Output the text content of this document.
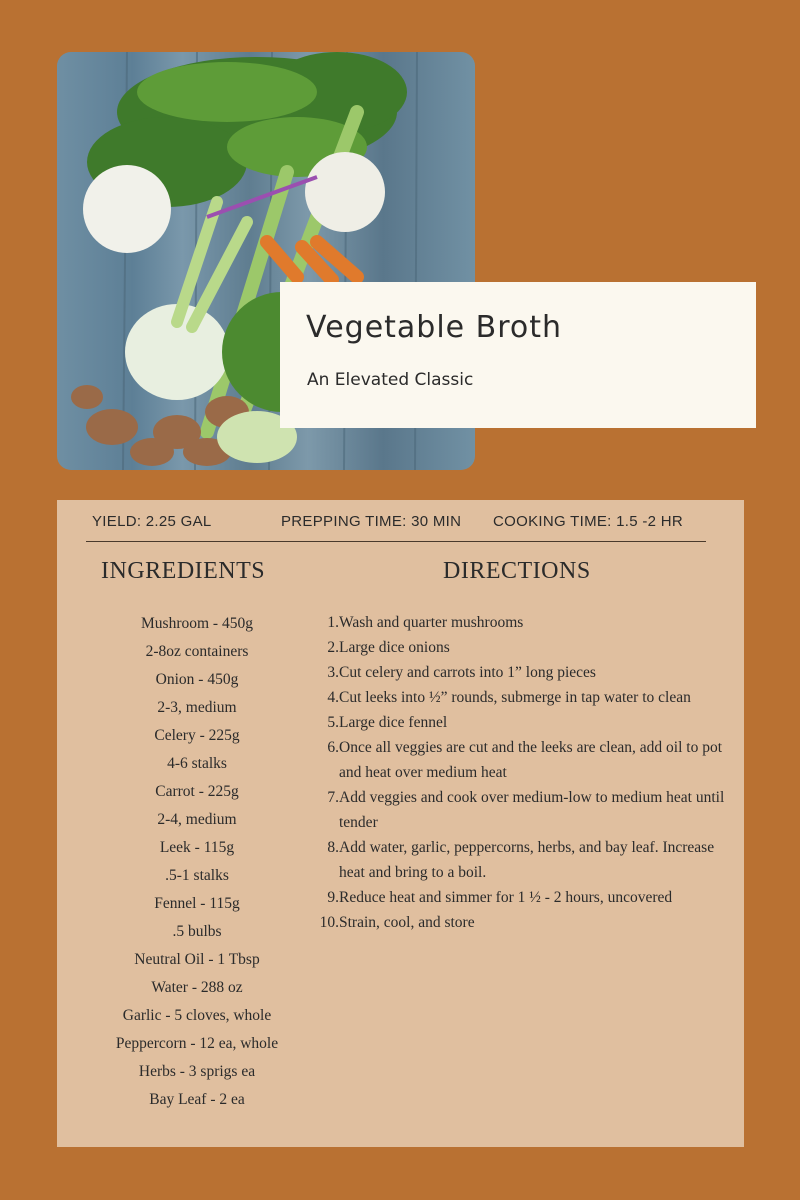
Vegetable Broth
An Elevated Classic
YIELD: 2.25 GAL	PREPPING TIME: 30 MIN COOKING TIME: 1.5 -2 HR
INGREDIENTS	DIRECTIONS
Mushroom - 450g
2-8oz containers
Onion - 450g
2-3, medium
Celery - 225g
4-6 stalks
Carrot - 225g
2-4, medium
Leek - 115g
.5-1 stalks
Fennel - 115g
.5 bulbs
Neutral Oil - 1 Tbsp
Water - 288 oz
Garlic - 5 cloves, whole
Peppercorn - 12 ea, whole
Herbs - 3 sprigs ea
Bay Leaf - 2 ea
1. Wash and quarter mushrooms
2. Large dice onions
3. Cut celery and carrots into 1” long pieces
4. Cut leeks into ½” rounds, submerge in tap water to clean
5. Large dice fennel
6. Once all veggies are cut and the leeks are clean, add oil to pot and heat over medium heat
7. Add veggies and cook over medium-low to medium heat until tender
8. Add water, garlic, peppercorns, herbs, and bay leaf. Increase heat and bring to a boil.
9. Reduce heat and simmer for 1 ½ - 2 hours, uncovered
10. Strain, cool, and store
